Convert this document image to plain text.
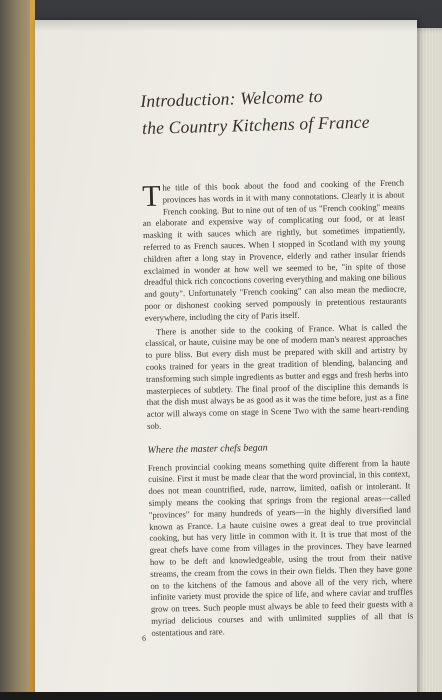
Introduction: Welcome to
the Country Kitchens of France

The title of this book about the food and cooking of the French provinces has words in it with many connotations. Clearly it is about French cooking. But to nine out of ten of us "French cooking" means an elaborate and expensive way of complicating our food, or at least masking it with sauces which are rightly, but sometimes impatiently, referred to as French sauces. When I stopped in Scotland with my young children after a long stay in Provence, elderly and rather insular friends exclaimed in wonder at how well we seemed to be, "in spite of those dreadful thick rich concoctions covering everything and making one bilious and gouty". Unfortunately "French cooking" can also mean the mediocre, poor or dishonest cooking served pompously in pretentious restaurants everywhere, including the city of Paris itself.

There is another side to the cooking of France. What is called the classical, or haute, cuisine may be one of modern man's nearest approaches to pure bliss. But every dish must be prepared with skill and artistry by cooks trained for years in the great tradition of blending, balancing and transforming such simple ingredients as butter and eggs and fresh herbs into masterpieces of subtlety. The final proof of the discipline this demands is that the dish must always be as good as it was the time before, just as a fine actor will always come on stage in Scene Two with the same heart-rending sob.

Where the master chefs began

French provincial cooking means something quite different from la haute cuisine. First it must be made clear that the word provincial, in this context, does not mean countrified, rude, narrow, limited, oafish or intolerant. It simply means the cooking that springs from the regional areas—called "provinces" for many hundreds of years—in the highly diversified land known as France. La haute cuisine owes a great deal to true provincial cooking, but has very little in common with it. It is true that most of the great chefs have come from villages in the provinces. They have learned how to be deft and knowledgeable, using the trout from their native streams, the cream from the cows in their own fields. Then they have gone on to the kitchens of the famous and above all of the very rich, where infinite variety must provide the spice of life, and where caviar and truffles grow on trees. Such people must always be able to feed their guests with a myriad delicious courses and with unlimited supplies of all that is ostentatious and rare.

6
